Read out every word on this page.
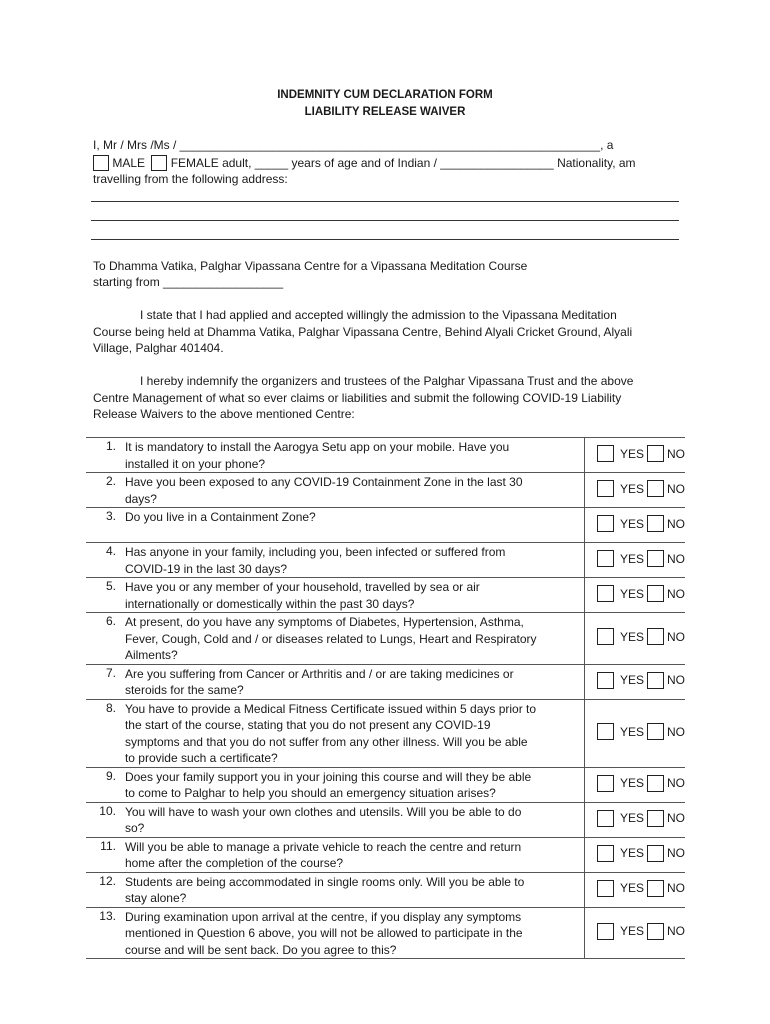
INDEMNITY CUM DECLARATION FORM
LIABILITY RELEASE WAIVER
I, Mr / Mrs /Ms / _______________________________________________________________, a
MALE FEMALE adult, _____ years of age and of Indian / _________________ Nationality, am
travelling from the following address:
To Dhamma Vatika, Palghar Vipassana Centre for a Vipassana Meditation Course
starting from __________________
I state that I had applied and accepted willingly the admission to the Vipassana Meditation
Course being held at Dhamma Vatika, Palghar Vipassana Centre, Behind Alyali Cricket Ground, Alyali
Village, Palghar 401404.
I hereby indemnify the organizers and trustees of the Palghar Vipassana Trust and the above
Centre Management of what so ever claims or liabilities and submit the following COVID-19 Liability
Release Waivers to the above mentioned Centre:
1.	It is mandatory to install the Aarogya Setu app on your mobile. Have you
installed it on your phone?	YES NO

2.	Have you been exposed to any COVID-19 Containment Zone in the last 30
days?	YES NO

3.	Do you live in a Containment Zone?	YES NO

4.	Has anyone in your family, including you, been infected or suffered from
COVID-19 in the last 30 days?	YES NO

5.	Have you or any member of your household, travelled by sea or air
internationally or domestically within the past 30 days?	YES NO

6.	At present, do you have any symptoms of Diabetes, Hypertension, Asthma,
Fever, Cough, Cold and / or diseases related to Lungs, Heart and Respiratory
Ailments?	YES NO

7.	Are you suffering from Cancer or Arthritis and / or are taking medicines or
steroids for the same?	YES NO

8.	You have to provide a Medical Fitness Certificate issued within 5 days prior to
the start of the course, stating that you do not present any COVID-19
symptoms and that you do not suffer from any other illness. Will you be able
to provide such a certificate?	YES NO

9.	Does your family support you in your joining this course and will they be able
to come to Palghar to help you should an emergency situation arises?	YES NO

10.	You will have to wash your own clothes and utensils. Will you be able to do
so?	YES NO

11.	Will you be able to manage a private vehicle to reach the centre and return
home after the completion of the course?	YES NO

12.	Students are being accommodated in single rooms only. Will you be able to
stay alone?	YES NO

13.	During examination upon arrival at the centre, if you display any symptoms
mentioned in Question 6 above, you will not be allowed to participate in the
course and will be sent back. Do you agree to this?	YES NO
